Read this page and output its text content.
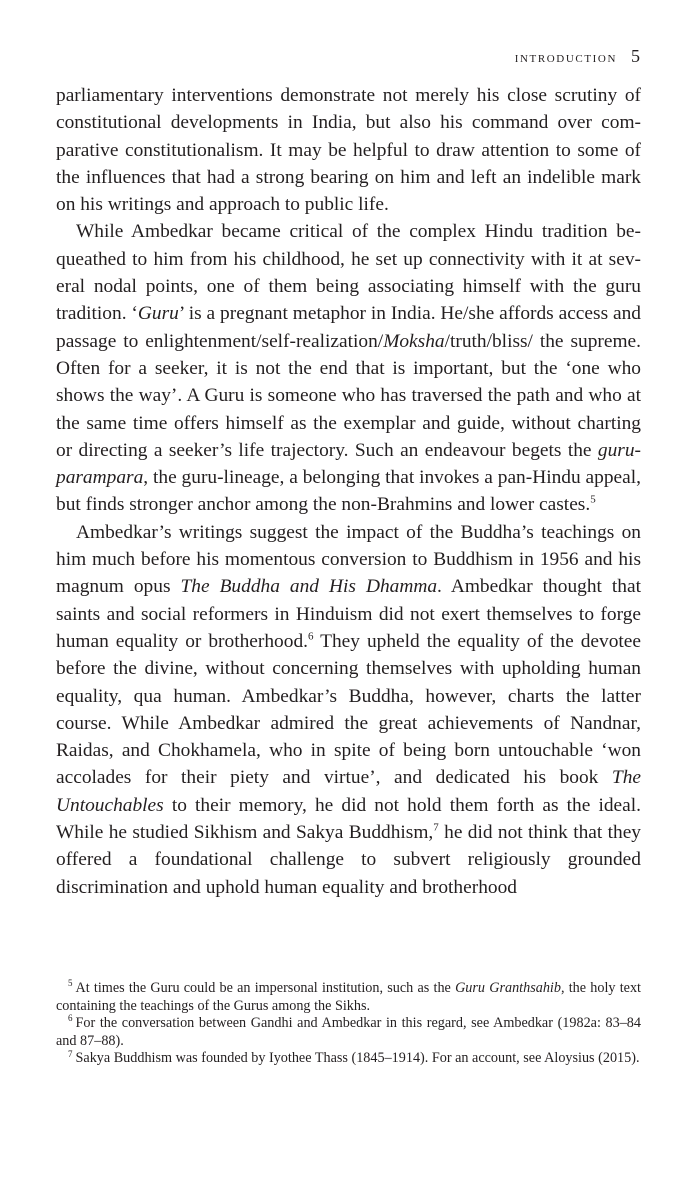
introduction 5

parliamentary interventions demonstrate not merely his close scrutiny of constitutional developments in India, but also his command over comparative constitutionalism. It may be helpful to draw attention to some of the influences that had a strong bearing on him and left an indelible mark on his writings and approach to public life.

While Ambedkar became critical of the complex Hindu tradition bequeathed to him from his childhood, he set up connectivity with it at several nodal points, one of them being associating himself with the guru tradition. ‘Guru’ is a pregnant metaphor in India. He/she affords access and passage to enlightenment/self-realization/Moksha/truth/bliss/ the supreme. Often for a seeker, it is not the end that is important, but the ‘one who shows the way’. A Guru is someone who has traversed the path and who at the same time offers himself as the exemplar and guide, without charting or directing a seeker’s life trajectory. Such an endeavour begets the guru-parampara, the guru-lineage, a belonging that invokes a pan-Hindu appeal, but finds stronger anchor among the non-Brahmins and lower castes.$^5$

Ambedkar’s writings suggest the impact of the Buddha’s teachings on him much before his momentous conversion to Buddhism in 1956 and his magnum opus The Buddha and His Dhamma. Ambedkar thought that saints and social reformers in Hinduism did not exert themselves to forge human equality or brotherhood.$^6$ They upheld the equality of the devotee before the divine, without concerning themselves with upholding human equality, qua human. Ambedkar’s Buddha, however, charts the latter course. While Ambedkar admired the great achievements of Nandnar, Raidas, and Chokhamela, who in spite of being born untouchable ‘won accolades for their piety and virtue’, and dedicated his book The Untouchables to their memory, he did not hold them forth as the ideal. While he studied Sikhism and Sakya Buddhism,$^7$ he did not think that they offered a foundational challenge to subvert religiously grounded discrimination and uphold human equality and brotherhood

$^5$ At times the Guru could be an impersonal institution, such as the Guru Granthsahib, the holy text containing the teachings of the Gurus among the Sikhs.

$^6$ For the conversation between Gandhi and Ambedkar in this regard, see Ambedkar (1982a: 83–84 and 87–88).

$^7$ Sakya Buddhism was founded by Iyothee Thass (1845–1914). For an account, see Aloysius (2015).
